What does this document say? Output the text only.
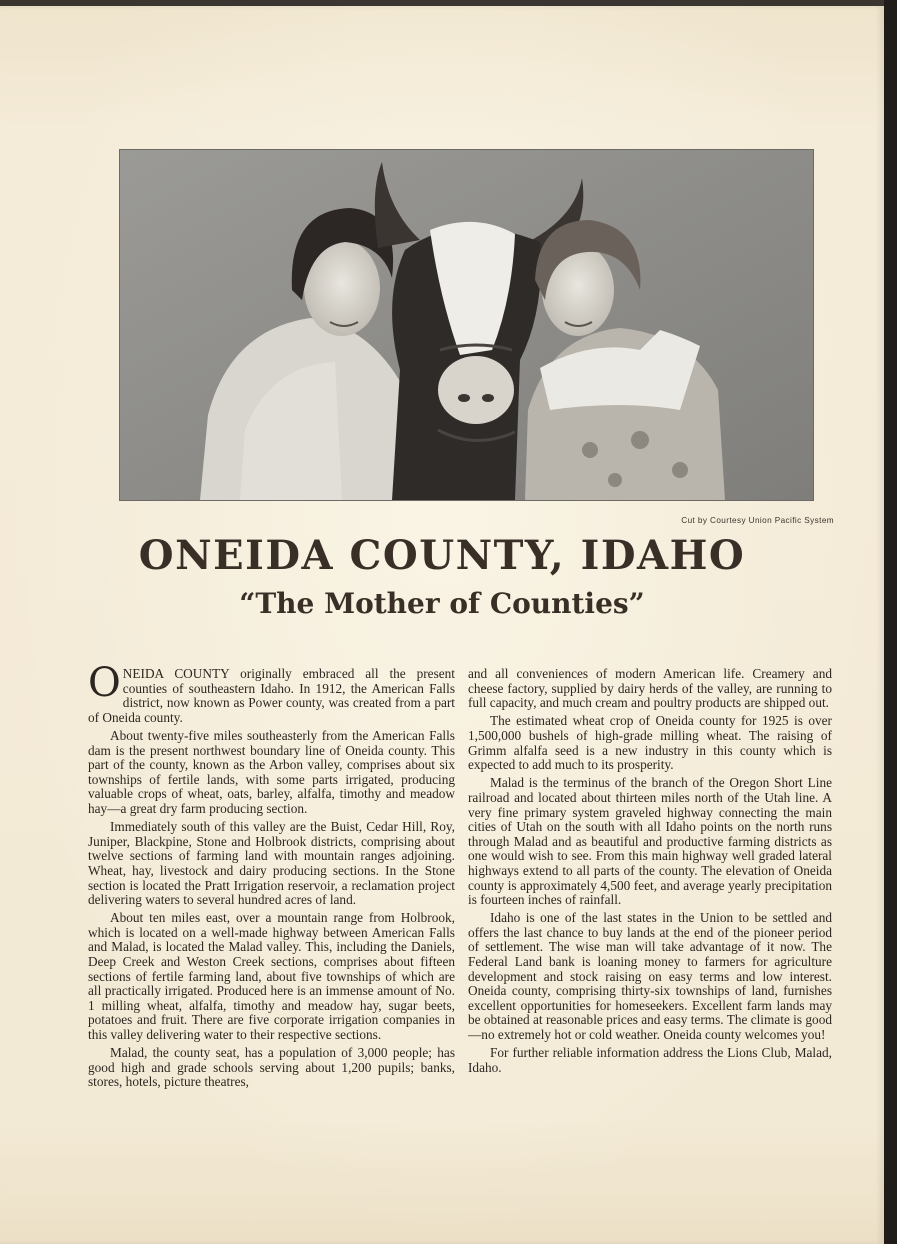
Cut by Courtesy Union Pacific System
ONEIDA COUNTY, IDAHO
“The Mother of Counties”

ONEIDA COUNTY originally embraced all the present counties of southeastern Idaho. In 1912, the American Falls district, now known as Power county, was created from a part of Oneida county.

About twenty-five miles southeasterly from the American Falls dam is the present northwest boundary line of Oneida county. This part of the county, known as the Arbon valley, comprises about six townships of fertile lands, with some parts irrigated, producing valuable crops of wheat, oats, barley, alfalfa, timothy and meadow hay—a great dry farm producing section.

Immediately south of this valley are the Buist, Cedar Hill, Roy, Juniper, Blackpine, Stone and Holbrook districts, comprising about twelve sections of farming land with mountain ranges adjoining. Wheat, hay, livestock and dairy producing sections. In the Stone section is located the Pratt Irrigation reservoir, a reclamation project delivering waters to several hundred acres of land.

About ten miles east, over a mountain range from Holbrook, which is located on a well-made highway between American Falls and Malad, is located the Malad valley. This, including the Daniels, Deep Creek and Weston Creek sections, comprises about fifteen sections of fertile farming land, about five townships of which are all practically irrigated. Produced here is an immense amount of No. 1 milling wheat, alfalfa, timothy and meadow hay, sugar beets, potatoes and fruit. There are five corporate irrigation companies in this valley delivering water to their respective sections.

Malad, the county seat, has a population of 3,000 people; has good high and grade schools serving about 1,200 pupils; banks, stores, hotels, picture theatres,

and all conveniences of modern American life. Creamery and cheese factory, supplied by dairy herds of the valley, are running to full capacity, and much cream and poultry products are shipped out.

The estimated wheat crop of Oneida county for 1925 is over 1,500,000 bushels of high-grade milling wheat. The raising of Grimm alfalfa seed is a new industry in this county which is expected to add much to its prosperity.

Malad is the terminus of the branch of the Oregon Short Line railroad and located about thirteen miles north of the Utah line. A very fine primary system graveled highway connecting the main cities of Utah on the south with all Idaho points on the north runs through Malad and as beautiful and productive farming districts as one would wish to see. From this main highway well graded lateral highways extend to all parts of the county. The elevation of Oneida county is approximately 4,500 feet, and average yearly precipitation is fourteen inches of rainfall.

Idaho is one of the last states in the Union to be settled and offers the last chance to buy lands at the end of the pioneer period of settlement. The wise man will take advantage of it now. The Federal Land bank is loaning money to farmers for agriculture development and stock raising on easy terms and low interest. Oneida county, comprising thirty-six townships of land, furnishes excellent opportunities for homeseekers. Excellent farm lands may be obtained at reasonable prices and easy terms. The climate is good —no extremely hot or cold weather. Oneida county welcomes you!

For further reliable information address the Lions Club, Malad, Idaho.
